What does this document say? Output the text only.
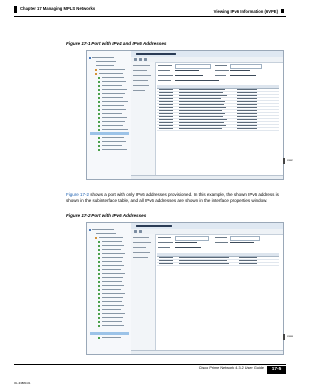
Chapter 17 Managing MPLS Networks
Viewing IPv6 Information (6VPE)
Figure 17-1 Port with IPv4 and IPv6 Addresses
328887
Figure 17-2 shows a port with only IPv6 addresses provisioned. In this example, the shown IPv6 address is shown in the subinterface table, and all IPv6 addresses are shown in the interface properties window.
Figure 17-2 Port with IPv6 Addresses
328888
Cisco Prime Network 4.3.2 User Guide	17-5
OL-33883-01
